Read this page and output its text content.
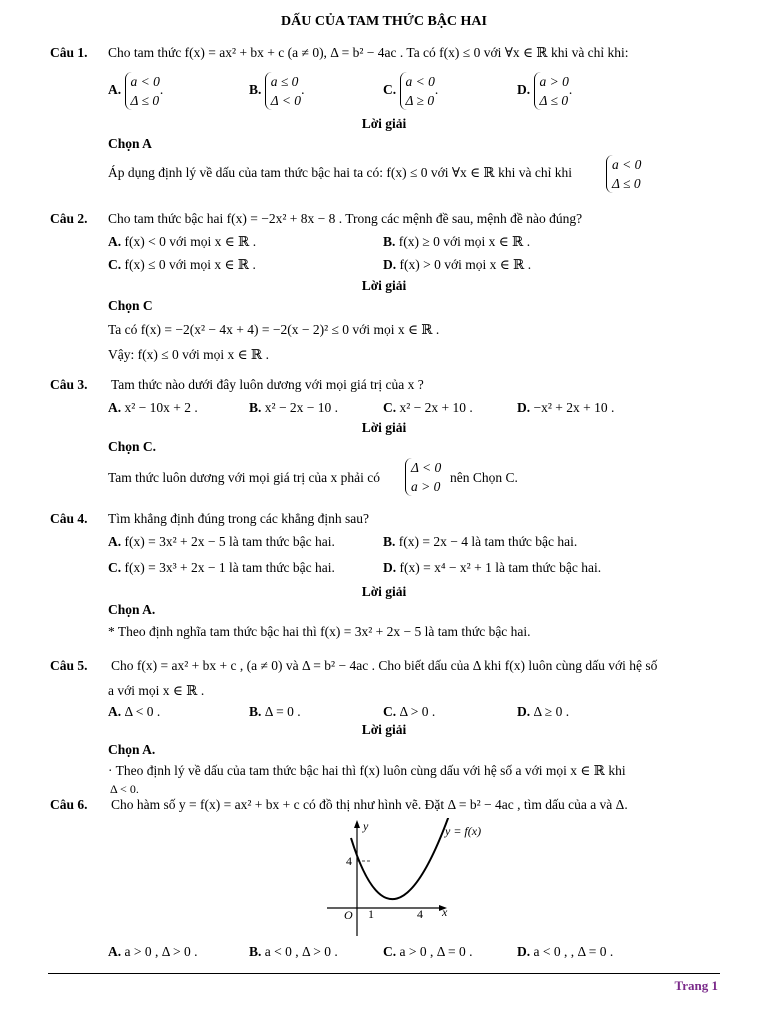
DẤU CỦA TAM THỨC BẬC HAI
Câu 1. Cho tam thức f(x) = ax² + bx + c (a ≠ 0), Δ = b² − 4ac . Ta có f(x) ≤ 0 với ∀x ∈ ℝ khi và chỉ khi:
A. a < 0
Δ ≤ 0.	B. a ≤ 0
Δ < 0.	C. a < 0
Δ ≥ 0.	D. a > 0
Δ ≤ 0.
Lời giải
Chọn A
Áp dụng định lý về dấu của tam thức bậc hai ta có: f(x) ≤ 0 với ∀x ∈ ℝ khi và chỉ khi
a < 0
Δ ≤ 0
Câu 2. Cho tam thức bậc hai f(x) = −2x² + 8x − 8 . Trong các mệnh đề sau, mệnh đề nào đúng?
A. f(x) < 0 với mọi x ∈ ℝ .	B. f(x) ≥ 0 với mọi x ∈ ℝ .
C. f(x) ≤ 0 với mọi x ∈ ℝ .	D. f(x) > 0 với mọi x ∈ ℝ .
Lời giải
Chọn C
Ta có f(x) = −2(x² − 4x + 4) = −2(x − 2)² ≤ 0 với mọi x ∈ ℝ .
Vậy: f(x) ≤ 0 với mọi x ∈ ℝ .
Câu 3. Tam thức nào dưới đây luôn dương với mọi giá trị của x ?
A. x² − 10x + 2 .	B. x² − 2x − 10 .	C. x² − 2x + 10 .	D. −x² + 2x + 10 .
Lời giải
Chọn C.
Tam thức luôn dương với mọi giá trị của x phải có
Δ < 0
a > 0
nên Chọn C.
Câu 4. Tìm khẳng định đúng trong các khẳng định sau?
A. f(x) = 3x² + 2x − 5 là tam thức bậc hai.	B. f(x) = 2x − 4 là tam thức bậc hai.
C. f(x) = 3x³ + 2x − 1 là tam thức bậc hai.	D. f(x) = x⁴ − x² + 1 là tam thức bậc hai.
Lời giải
Chọn A.
* Theo định nghĩa tam thức bậc hai thì f(x) = 3x² + 2x − 5 là tam thức bậc hai.
Câu 5. Cho f(x) = ax² + bx + c , (a ≠ 0) và Δ = b² − 4ac . Cho biết dấu của Δ khi f(x) luôn cùng dấu với hệ số
a với mọi x ∈ ℝ .
A. Δ < 0 .	B. Δ = 0 .	C. Δ > 0 .	D. Δ ≥ 0 .
Lời giải
Chọn A.
· Theo định lý về dấu của tam thức bậc hai thì f(x) luôn cùng dấu với hệ số a với mọi x ∈ ℝ khi
Δ < 0.
Câu 6. Cho hàm số y = f(x) = ax² + bx + c có đồ thị như hình vẽ. Đặt Δ = b² − 4ac , tìm dấu của a và Δ.
y
x
O
4
1	4
y = f(x)
A. a > 0 , Δ > 0 .	B. a < 0 , Δ > 0 .	C. a > 0 , Δ = 0 .	D. a < 0 , , Δ = 0 .
Trang 1
